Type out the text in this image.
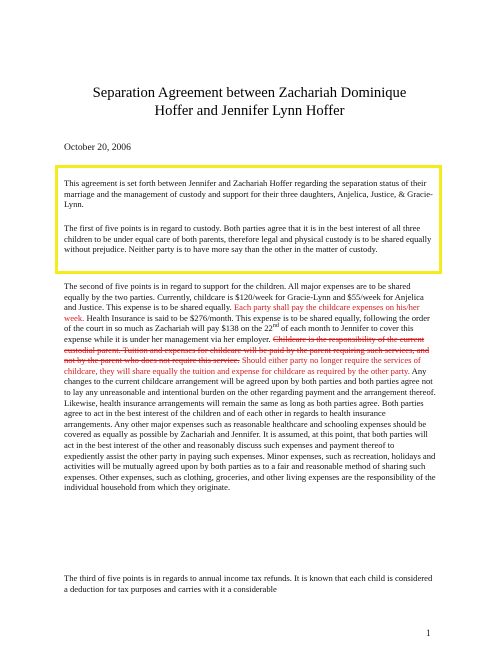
Separation Agreement between Zachariah Dominique
Hoffer and Jennifer Lynn Hoffer
October 20, 2006

This agreement is set forth between Jennifer and Zachariah Hoffer regarding the separation status of their marriage and the management of custody and support for their three daughters, Anjelica, Justice, & Gracie-Lynn.

The first of five points is in regard to custody. Both parties agree that it is in the best interest of all three children to be under equal care of both parents, therefore legal and physical custody is to be shared equally without prejudice. Neither party is to have more say than the other in the matter of custody.

The second of five points is in regard to support for the children. All major expenses are to be shared equally by the two parties. Currently, childcare is $120/week for Gracie-Lynn and $55/week for Anjelica and Justice. This expense is to be shared equally. Each party shall pay the childcare expenses on his/her week. Health Insurance is said to be $276/month. This expense is to be shared equally, following the order of the court in so much as Zachariah will pay $138 on the 22nd of each month to Jennifer to cover this expense while it is under her management via her employer. Childcare is the responsibility of the current custodial parent. Tuition and expenses for childcare will be paid by the parent requiring such services, and not by the parent who does not require this service. Should either party no longer require the services of childcare, they will share equally the tuition and expense for childcare as required by the other party. Any changes to the current childcare arrangement will be agreed upon by both parties and both parties agree not to lay any unreasonable and intentional burden on the other regarding payment and the arrangement thereof. Likewise, health insurance arrangements will remain the same as long as both parties agree. Both parties agree to act in the best interest of the children and of each other in regards to health insurance arrangements. Any other major expenses such as reasonable healthcare and schooling expenses should be covered as equally as possible by Zachariah and Jennifer. It is assumed, at this point, that both parties will act in the best interest of the other and reasonably discuss such expenses and payment thereof to expediently assist the other party in paying such expenses. Minor expenses, such as recreation, holidays and activities will be mutually agreed upon by both parties as to a fair and reasonable method of sharing such expenses. Other expenses, such as clothing, groceries, and other living expenses are the responsibility of the individual household from which they originate.

The third of five points is in regards to annual income tax refunds. It is known that each child is considered a deduction for tax purposes and carries with it a considerable

1
